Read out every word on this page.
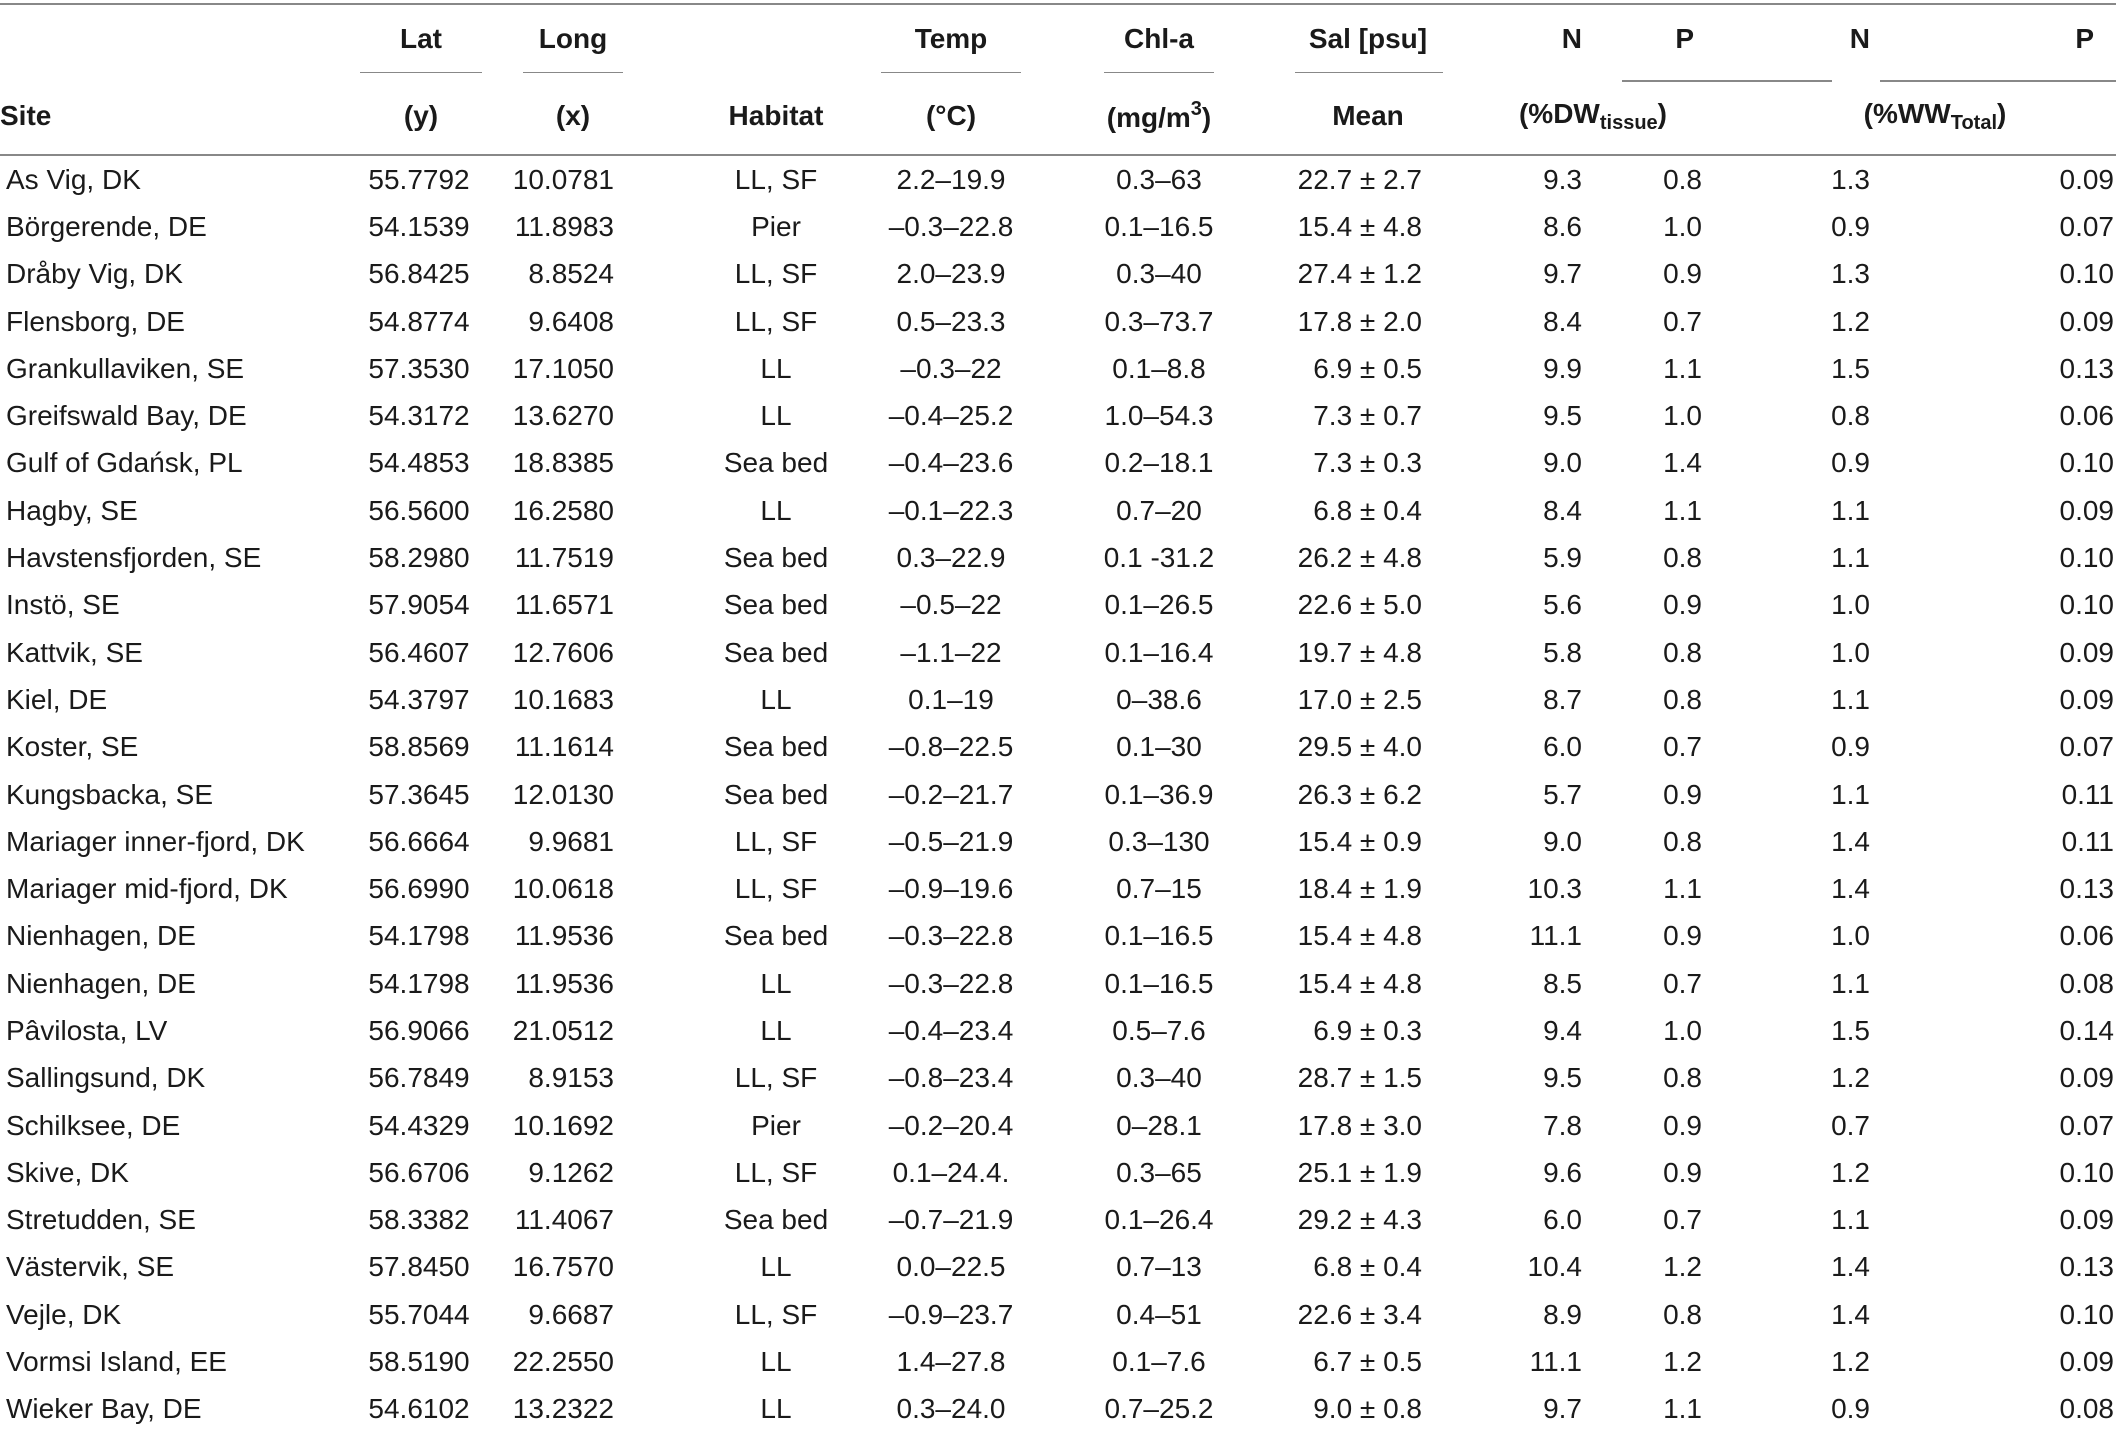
	Lat	Long		Temp	Chl-a	Sal [psu]	N	P	N	P
Site	(y)	(x)	Habitat	(°C)	$(mg/m^3)$	Mean	$(\%DW_{tissue})$		$(\%WW_{Total})$	
As Vig, DK	55.7792	10.0781	LL, SF	2.2–19.9	0.3–63	22.7 ± 2.7	9.3	0.8	1.3	0.09
Börgerende, DE	54.1539	11.8983	Pier	–0.3–22.8	0.1–16.5	15.4 ± 4.8	8.6	1.0	0.9	0.07
Dråby Vig, DK	56.8425	8.8524	LL, SF	2.0–23.9	0.3–40	27.4 ± 1.2	9.7	0.9	1.3	0.10
Flensborg, DE	54.8774	9.6408	LL, SF	0.5–23.3	0.3–73.7	17.8 ± 2.0	8.4	0.7	1.2	0.09
Grankullaviken, SE	57.3530	17.1050	LL	–0.3–22	0.1–8.8	6.9 ± 0.5	9.9	1.1	1.5	0.13
Greifswald Bay, DE	54.3172	13.6270	LL	–0.4–25.2	1.0–54.3	7.3 ± 0.7	9.5	1.0	0.8	0.06
Gulf of Gdańsk, PL	54.4853	18.8385	Sea bed	–0.4–23.6	0.2–18.1	7.3 ± 0.3	9.0	1.4	0.9	0.10
Hagby, SE	56.5600	16.2580	LL	–0.1–22.3	0.7–20	6.8 ± 0.4	8.4	1.1	1.1	0.09
Havstensfjorden, SE	58.2980	11.7519	Sea bed	0.3–22.9	0.1 -31.2	26.2 ± 4.8	5.9	0.8	1.1	0.10
Instö, SE	57.9054	11.6571	Sea bed	–0.5–22	0.1–26.5	22.6 ± 5.0	5.6	0.9	1.0	0.10
Kattvik, SE	56.4607	12.7606	Sea bed	–1.1–22	0.1–16.4	19.7 ± 4.8	5.8	0.8	1.0	0.09
Kiel, DE	54.3797	10.1683	LL	0.1–19	0–38.6	17.0 ± 2.5	8.7	0.8	1.1	0.09
Koster, SE	58.8569	11.1614	Sea bed	–0.8–22.5	0.1–30	29.5 ± 4.0	6.0	0.7	0.9	0.07
Kungsbacka, SE	57.3645	12.0130	Sea bed	–0.2–21.7	0.1–36.9	26.3 ± 6.2	5.7	0.9	1.1	0.11
Mariager inner-fjord, DK	56.6664	9.9681	LL, SF	–0.5–21.9	0.3–130	15.4 ± 0.9	9.0	0.8	1.4	0.11
Mariager mid-fjord, DK	56.6990	10.0618	LL, SF	–0.9–19.6	0.7–15	18.4 ± 1.9	10.3	1.1	1.4	0.13
Nienhagen, DE	54.1798	11.9536	Sea bed	–0.3–22.8	0.1–16.5	15.4 ± 4.8	11.1	0.9	1.0	0.06
Nienhagen, DE	54.1798	11.9536	LL	–0.3–22.8	0.1–16.5	15.4 ± 4.8	8.5	0.7	1.1	0.08
Pâvilosta, LV	56.9066	21.0512	LL	–0.4–23.4	0.5–7.6	6.9 ± 0.3	9.4	1.0	1.5	0.14
Sallingsund, DK	56.7849	8.9153	LL, SF	–0.8–23.4	0.3–40	28.7 ± 1.5	9.5	0.8	1.2	0.09
Schilksee, DE	54.4329	10.1692	Pier	–0.2–20.4	0–28.1	17.8 ± 3.0	7.8	0.9	0.7	0.07
Skive, DK	56.6706	9.1262	LL, SF	0.1–24.4.	0.3–65	25.1 ± 1.9	9.6	0.9	1.2	0.10
Stretudden, SE	58.3382	11.4067	Sea bed	–0.7–21.9	0.1–26.4	29.2 ± 4.3	6.0	0.7	1.1	0.09
Västervik, SE	57.8450	16.7570	LL	0.0–22.5	0.7–13	6.8 ± 0.4	10.4	1.2	1.4	0.13
Vejle, DK	55.7044	9.6687	LL, SF	–0.9–23.7	0.4–51	22.6 ± 3.4	8.9	0.8	1.4	0.10
Vormsi Island, EE	58.5190	22.2550	LL	1.4–27.8	0.1–7.6	6.7 ± 0.5	11.1	1.2	1.2	0.09
Wieker Bay, DE	54.6102	13.2322	LL	0.3–24.0	0.7–25.2	9.0 ± 0.8	9.7	1.1	0.9	0.08
